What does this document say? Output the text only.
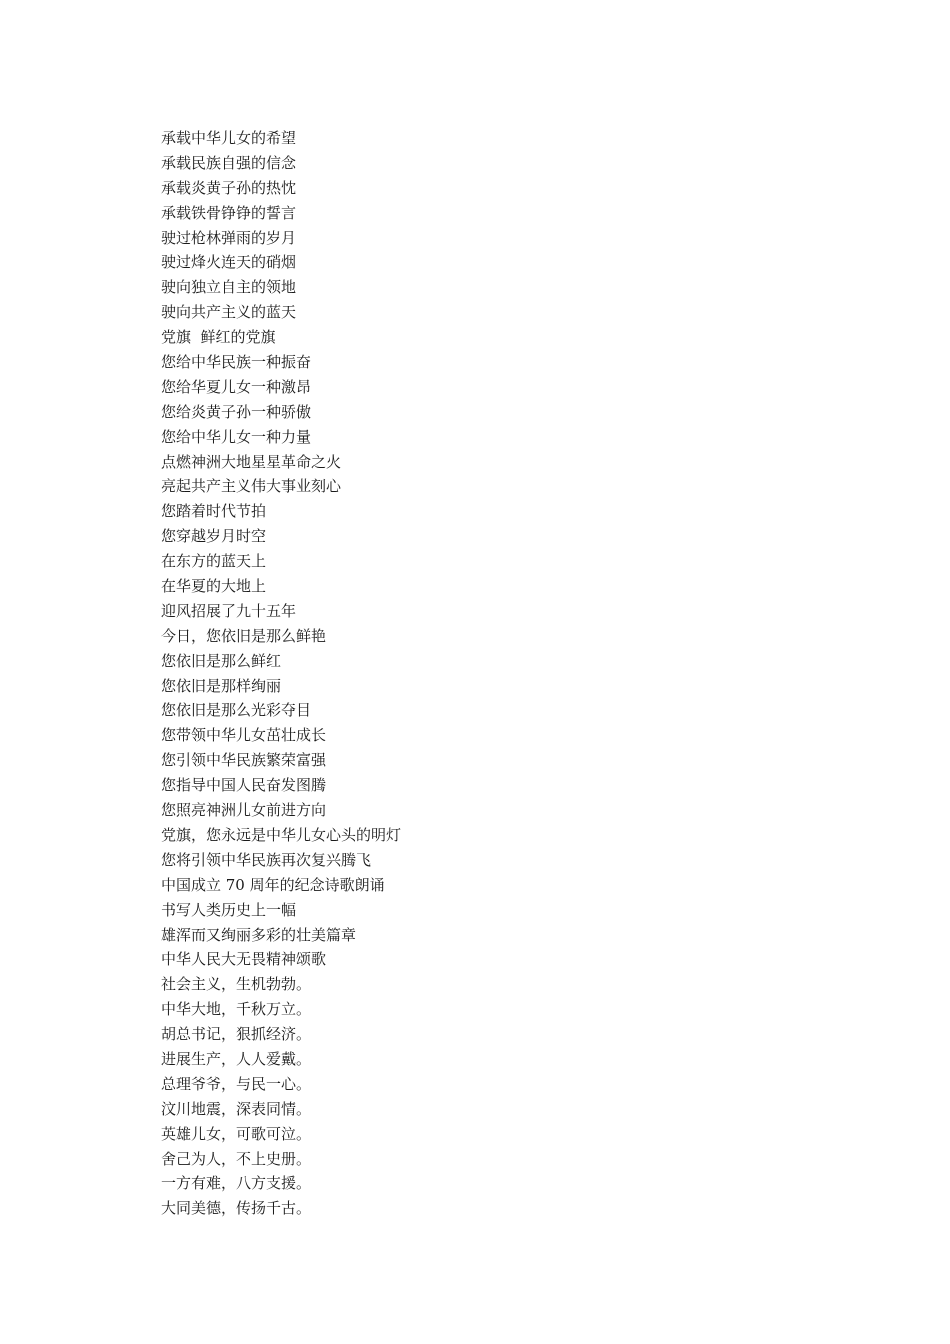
承载中华儿女的希望
承载民族自强的信念
承载炎黄子孙的热忱
承载铁骨铮铮的誓言
驶过枪林弹雨的岁月
驶过烽火连天的硝烟
驶向独立自主的领地
驶向共产主义的蓝天
党旗  鲜红的党旗
您给中华民族一种振奋
您给华夏儿女一种激昂
您给炎黄子孙一种骄傲
您给中华儿女一种力量
点燃神洲大地星星革命之火
亮起共产主义伟大事业刻心
您踏着时代节拍
您穿越岁月时空
在东方的蓝天上
在华夏的大地上
迎风招展了九十五年
今日，您依旧是那么鲜艳
您依旧是那么鲜红
您依旧是那样绚丽
您依旧是那么光彩夺目
您带领中华儿女茁壮成长
您引领中华民族繁荣富强
您指导中国人民奋发图腾
您照亮神洲儿女前进方向
党旗，您永远是中华儿女心头的明灯
您将引领中华民族再次复兴腾飞
中国成立 70 周年的纪念诗歌朗诵
书写人类历史上一幅
雄浑而又绚丽多彩的壮美篇章
中华人民大无畏精神颂歌
社会主义，生机勃勃。
中华大地，千秋万立。
胡总书记，狠抓经济。
进展生产，人人爱戴。
总理爷爷，与民一心。
汶川地震，深表同情。
英雄儿女，可歌可泣。
舍己为人，不上史册。
一方有难，八方支援。
大同美德，传扬千古。
